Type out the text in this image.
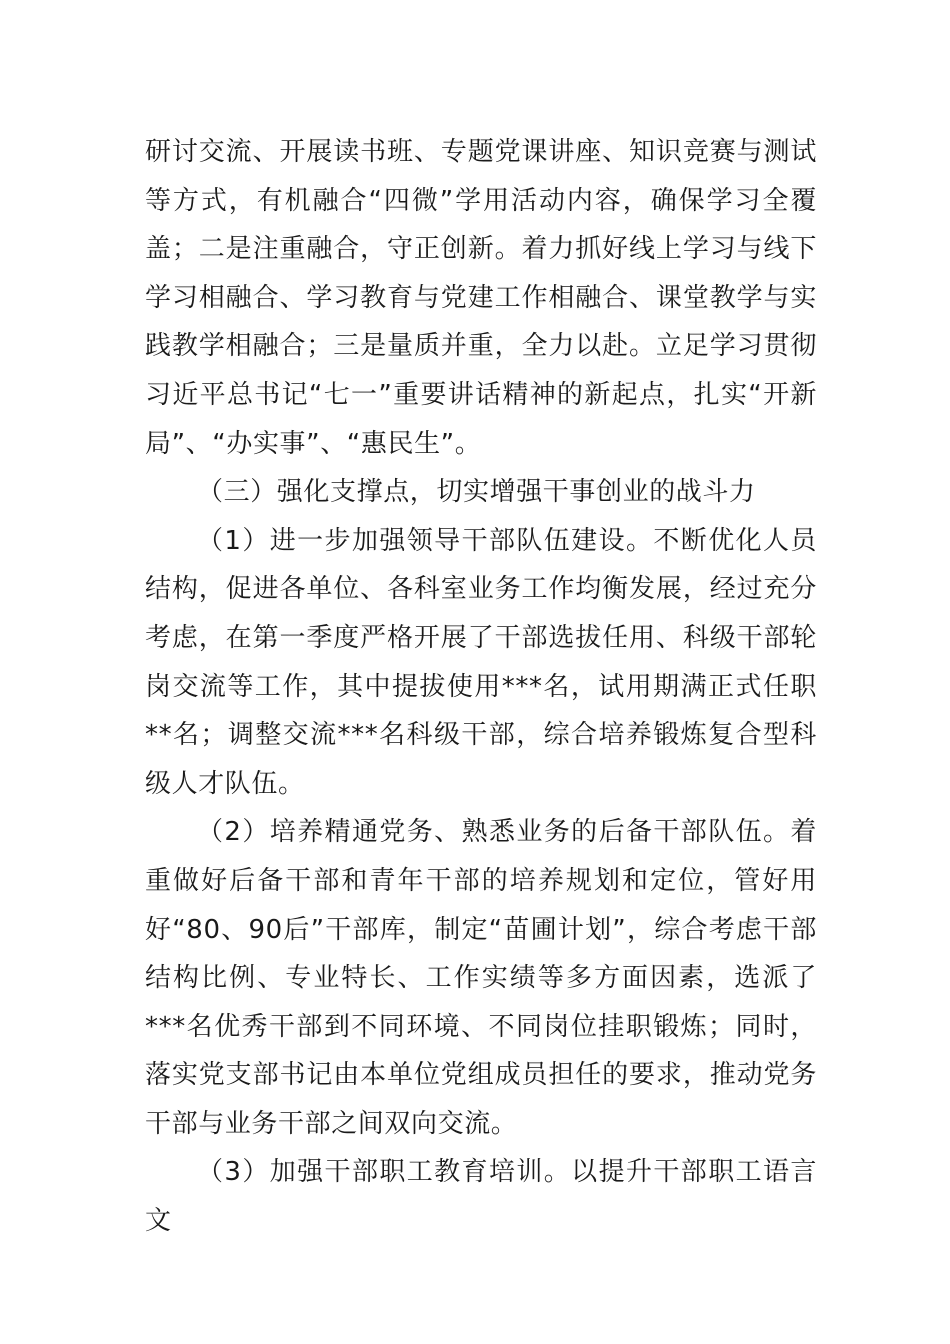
研讨交流、开展读书班、专题党课讲座、知识竞赛与测试等方式，有机融合“四微”学用活动内容，确保学习全覆盖；二是注重融合，守正创新。着力抓好线上学习与线下学习相融合、学习教育与党建工作相融合、课堂教学与实践教学相融合；三是量质并重，全力以赴。立足学习贯彻习近平总书记“七一”重要讲话精神的新起点，扎实“开新局”、“办实事”、“惠民生”。

（三）强化支撑点，切实增强干事创业的战斗力

（1）进一步加强领导干部队伍建设。不断优化人员结构，促进各单位、各科室业务工作均衡发展，经过充分考虑，在第一季度严格开展了干部选拔任用、科级干部轮岗交流等工作，其中提拔使用***名，试用期满正式任职**名；调整交流***名科级干部，综合培养锻炼复合型科级人才队伍。

（2）培养精通党务、熟悉业务的后备干部队伍。着重做好后备干部和青年干部的培养规划和定位，管好用好“80、90后”干部库，制定“苗圃计划”，综合考虑干部结构比例、专业特长、工作实绩等多方面因素，选派了***名优秀干部到不同环境、不同岗位挂职锻炼；同时，落实党支部书记由本单位党组成员担任的要求，推动党务干部与业务干部之间双向交流。

（3）加强干部职工教育培训。以提升干部职工语言文
